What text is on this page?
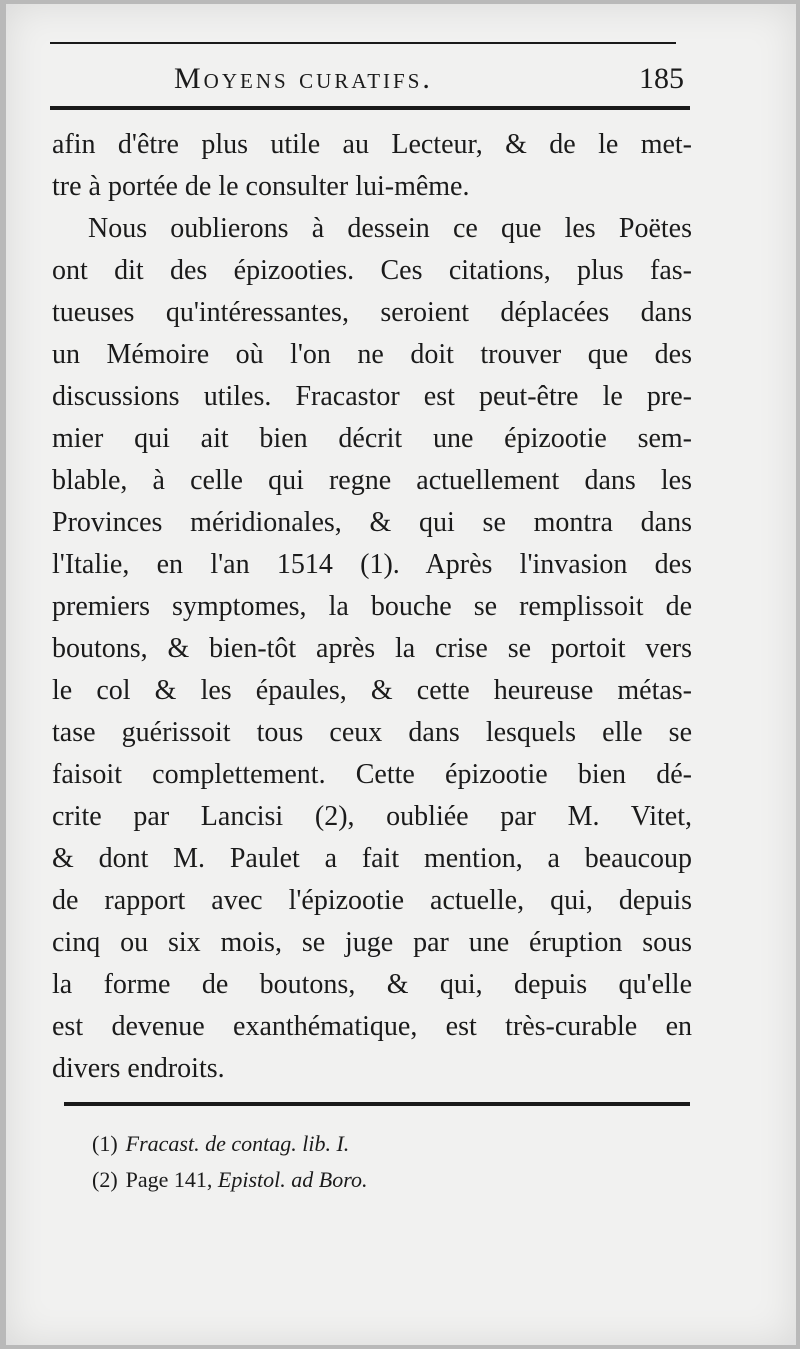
Moyens curatifs.	185
afin d'être plus utile au Lecteur, & de le met-
tre à portée de le consulter lui-même.
Nous oublierons à dessein ce que les Poëtes
ont dit des épizooties. Ces citations, plus fas-
tueuses qu'intéressantes, seroient déplacées dans
un Mémoire où l'on ne doit trouver que des
discussions utiles. Fracastor est peut-être le pre-
mier qui ait bien décrit une épizootie sem-
blable, à celle qui regne actuellement dans les
Provinces méridionales, & qui se montra dans
l'Italie, en l'an 1514 (1). Après l'invasion des
premiers symptomes, la bouche se remplissoit de
boutons, & bien-tôt après la crise se portoit vers
le col & les épaules, & cette heureuse métas-
tase guérissoit tous ceux dans lesquels elle se
faisoit complettement. Cette épizootie bien dé-
crite par Lancisi (2), oubliée par M. Vitet,
& dont M. Paulet a fait mention, a beaucoup
de rapport avec l'épizootie actuelle, qui, depuis
cinq ou six mois, se juge par une éruption sous
la forme de boutons, & qui, depuis qu'elle
est devenue exanthématique, est très-curable en
divers endroits.
(1) Fracast. de contag. lib. I.
(2) Page 141, Epistol. ad Boro.
